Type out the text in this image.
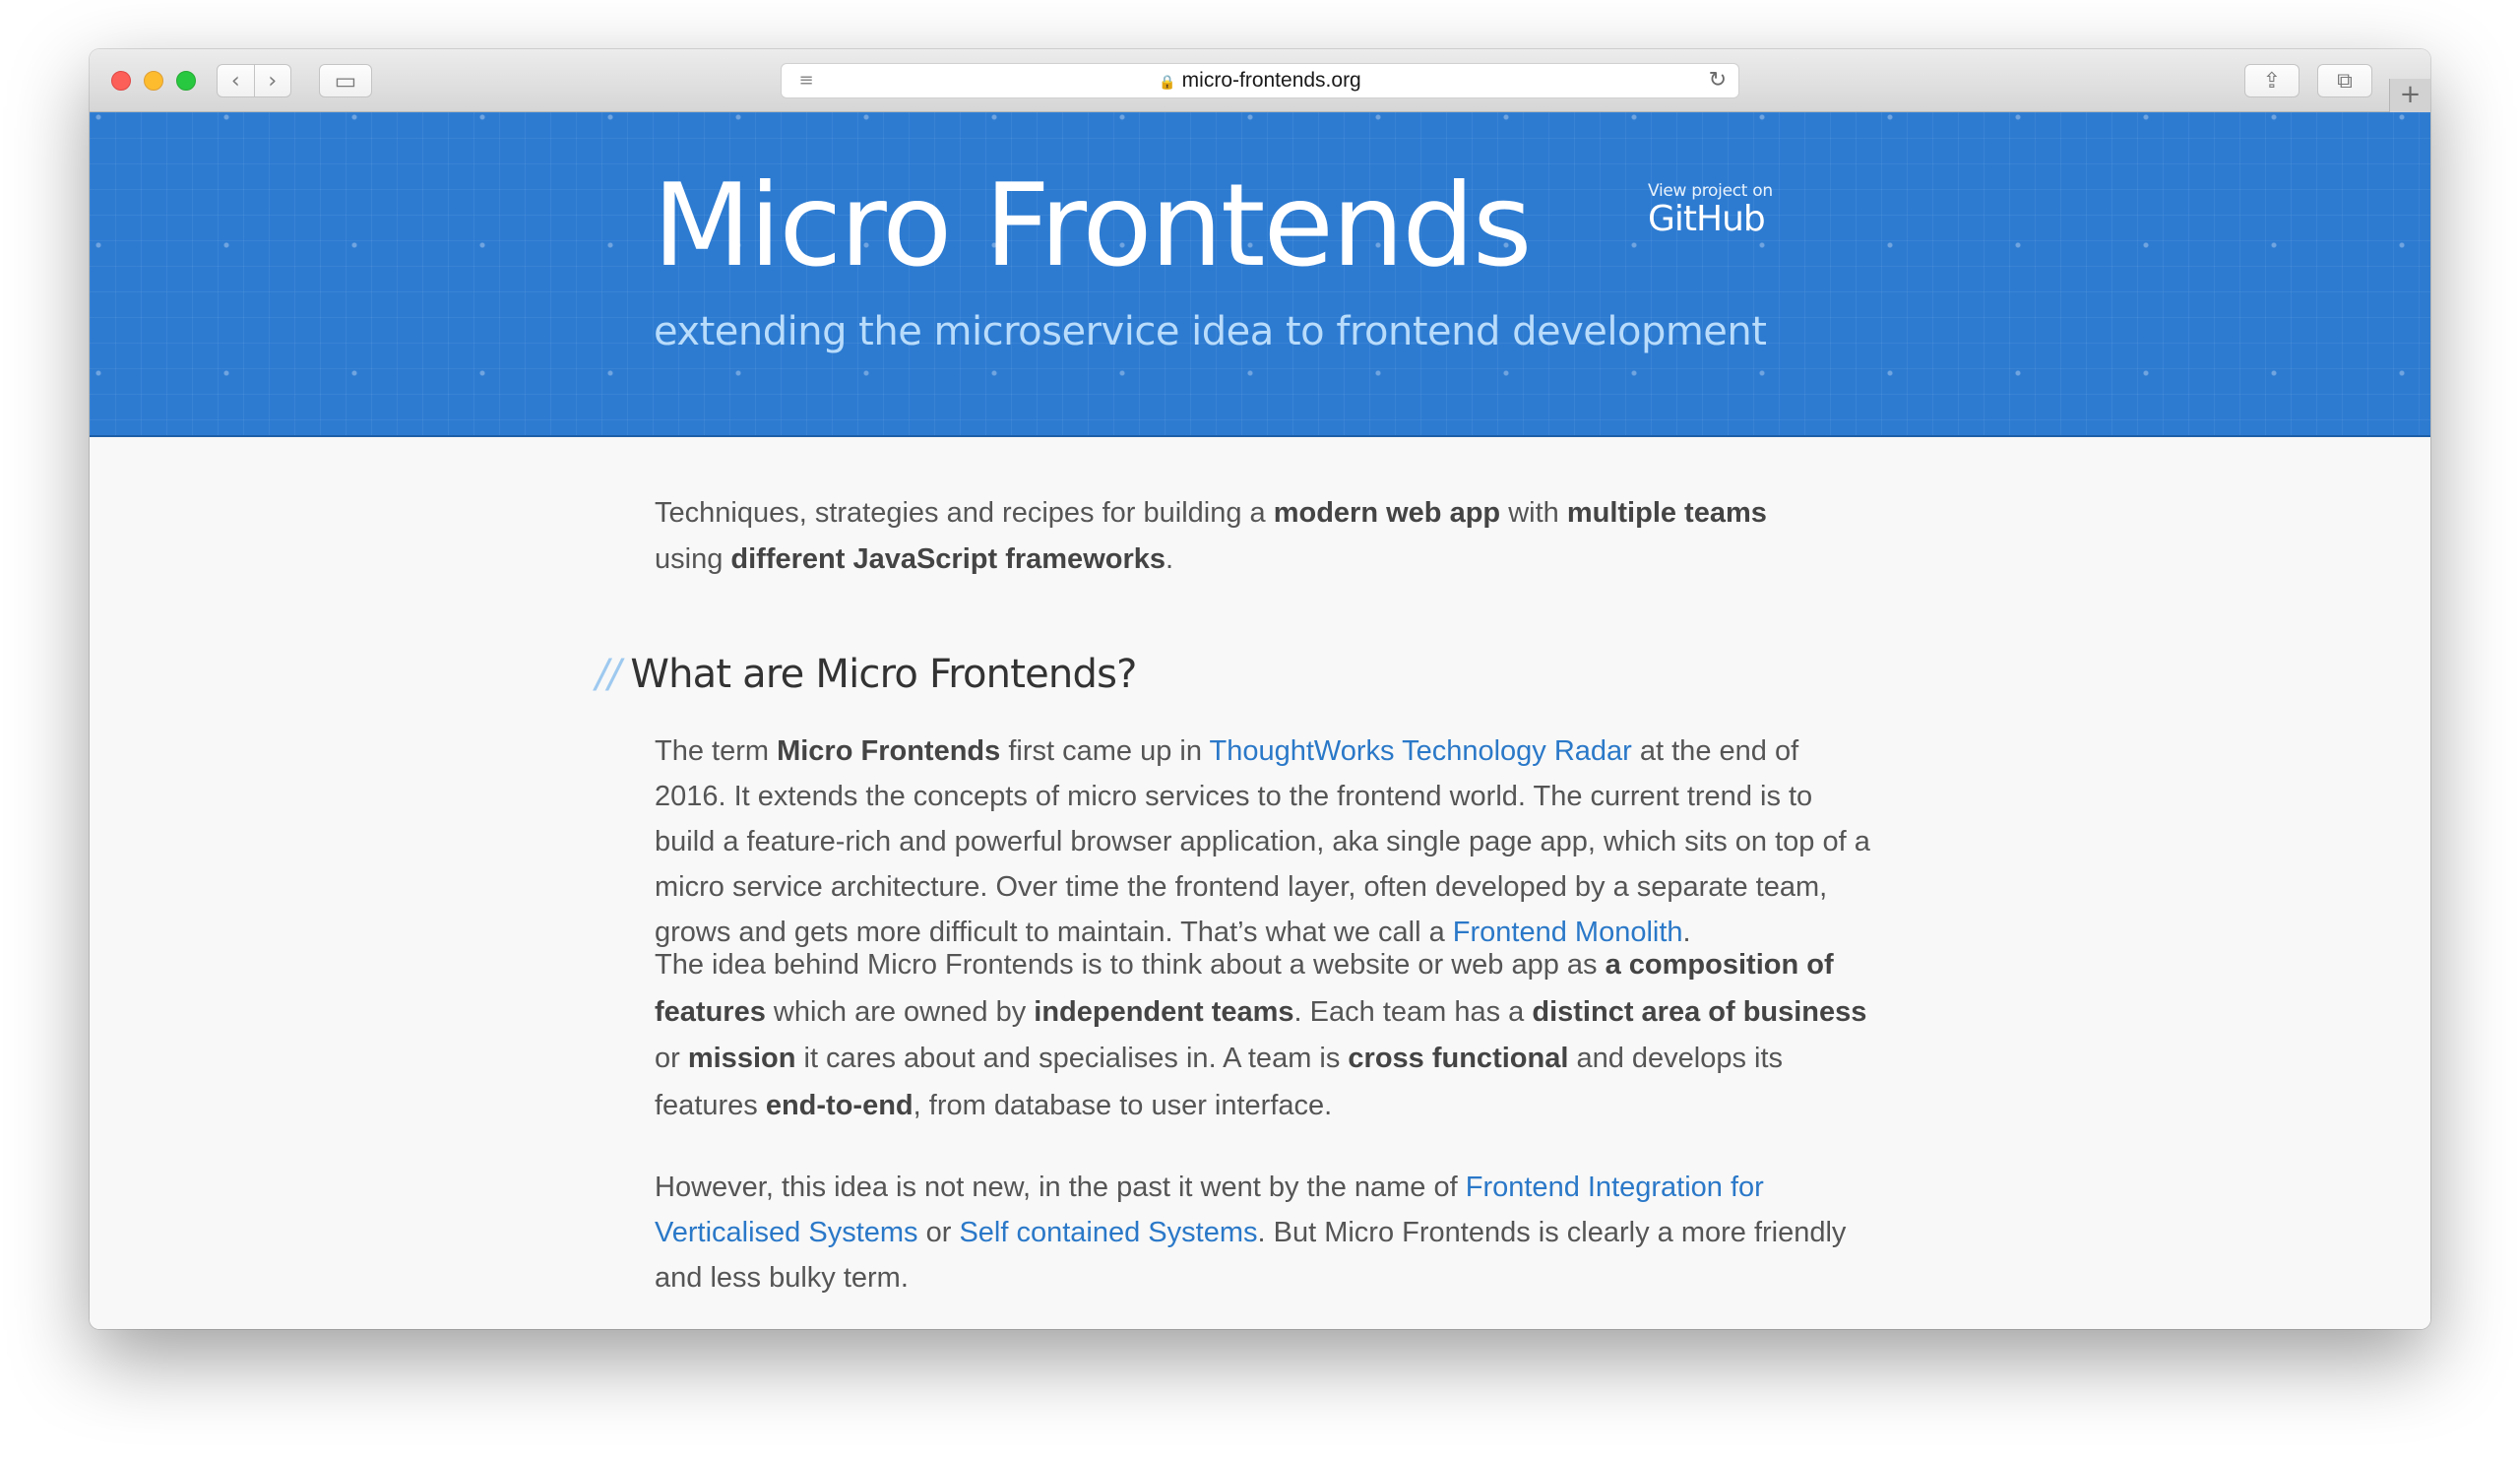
‹	›	▭	≡	🔒 micro-frontends.org	↻	⇪	⧉	+
Micro Frontends
extending the microservice idea to frontend development
View project on
GitHub

Techniques, strategies and recipes for building a modern web app with multiple teams
using different JavaScript frameworks.

// What are Micro Frontends?

The term Micro Frontends first came up in ThoughtWorks Technology Radar at the end of 2016. It extends the concepts of micro services to the frontend world. The current trend is to build a feature-rich and powerful browser application, aka single page app, which sits on top of a micro service architecture. Over time the frontend layer, often developed by a separate team, grows and gets more difficult to maintain. That’s what we call a Frontend Monolith.

The idea behind Micro Frontends is to think about a website or web app as a composition of features which are owned by independent teams. Each team has a distinct area of business or mission it cares about and specialises in. A team is cross functional and develops its features end-to-end, from database to user interface.

However, this idea is not new, in the past it went by the name of Frontend Integration for Verticalised Systems or Self contained Systems. But Micro Frontends is clearly a more friendly and less bulky term.
